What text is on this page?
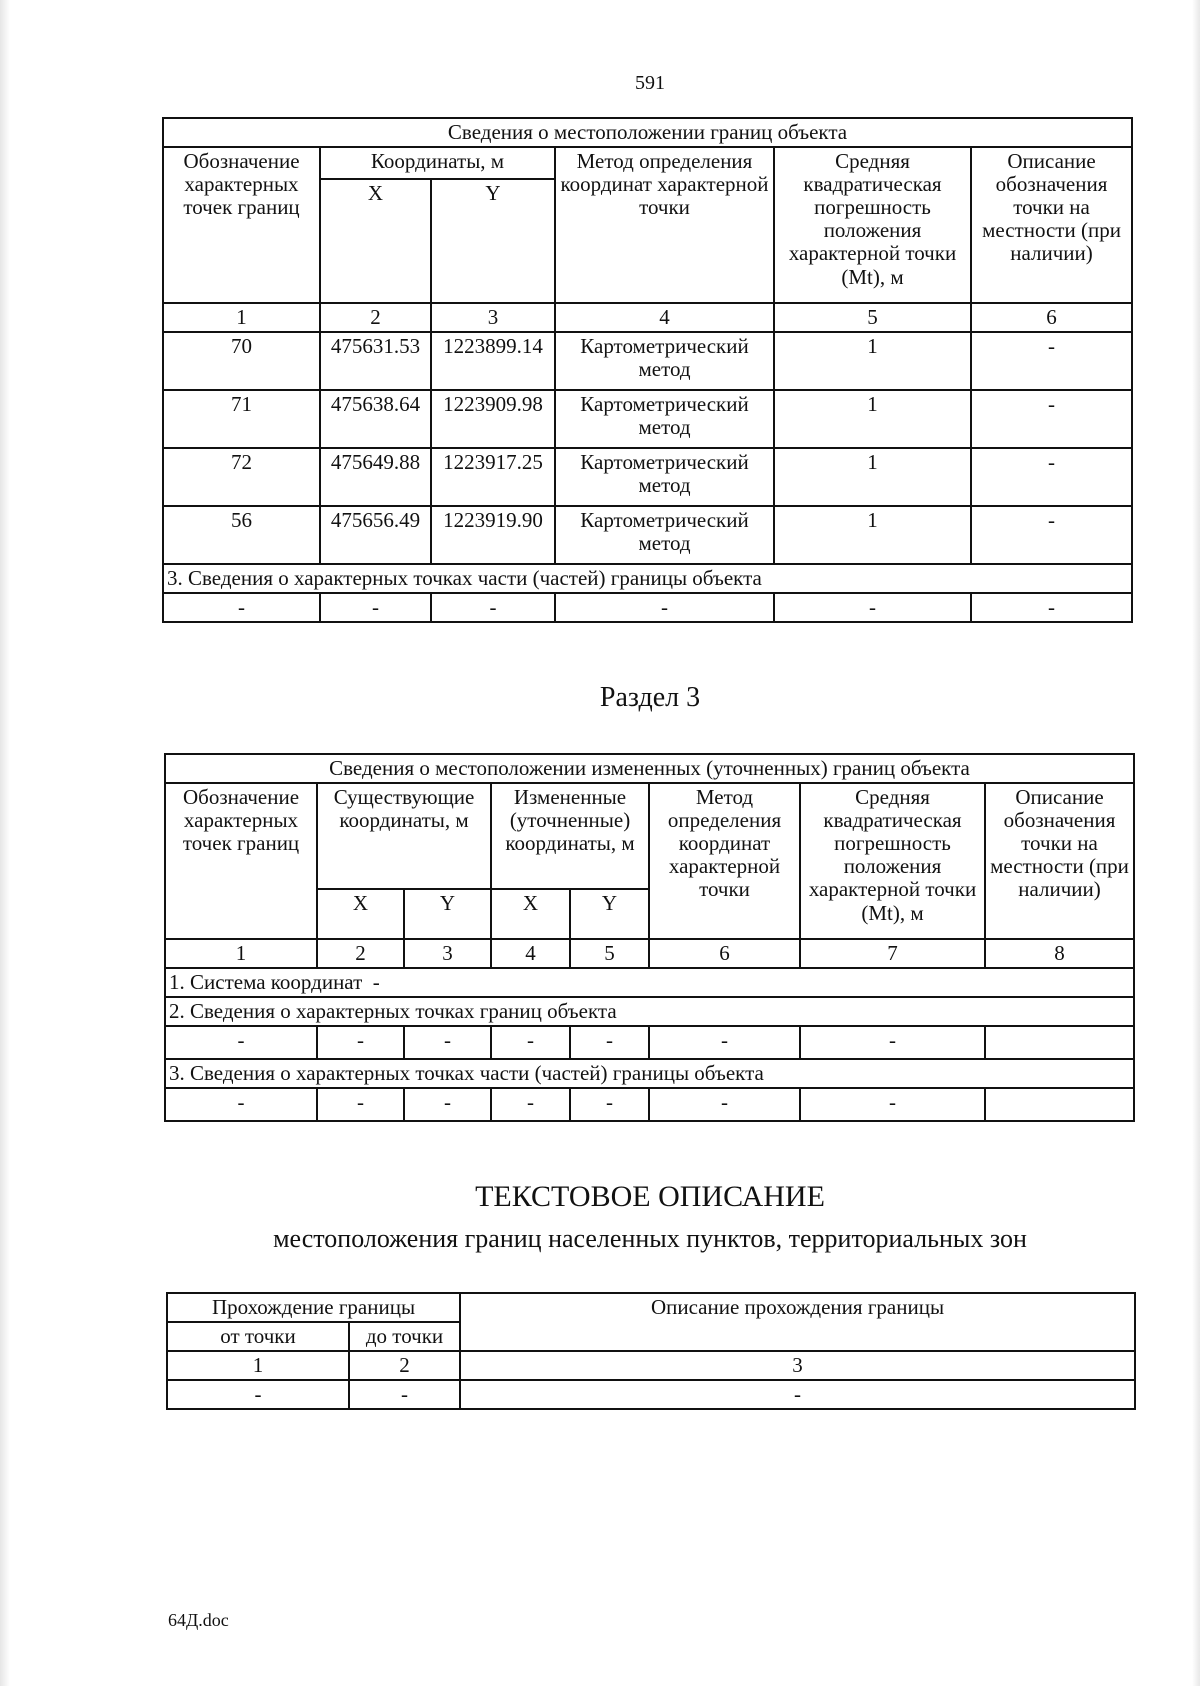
591
Сведения о местоположении границ объекта					
Обозначение характерных точек границ	Координаты, м		Метод определения координат характерной точки	Средняя квадратическая погрешность положения характерной точки (Mt), м	Описание обозначения точки на местности (при наличии)
	X	Y			
1	2	3	4	5	6
70	475631.53	1223899.14	Картометрический метод	1	-
71	475638.64	1223909.98	Картометрический метод	1	-
72	475649.88	1223917.25	Картометрический метод	1	-
56	475656.49	1223919.90	Картометрический метод	1	-
3. Сведения о характерных точках части (частей) границы объекта					
-	-	-	-	-	-
Раздел 3
Сведения о местоположении измененных (уточненных) границ объекта							
Обозначение характерных точек границ	Существующие координаты, м		Измененные (уточненные) координаты, м		Метод определения координат характерной точки	Средняя квадратическая погрешность положения характерной точки (Mt), м	Описание обозначения точки на местности (при наличии)
	X	Y	X	Y			
1	2	3	4	5	6	7	8
1. Система координат  -							
2. Сведения о характерных точках границ объекта							
-	-	-	-	-	-	-	
3. Сведения о характерных точках части (частей) границы объекта							
-	-	-	-	-	-	-	
ТЕКСТОВОЕ ОПИСАНИЕ
местоположения границ населенных пунктов, территориальных зон
Прохождение границы		Описание прохождения границы
от точки	до точки	
1	2	3
-	-	-
64Д.doc
